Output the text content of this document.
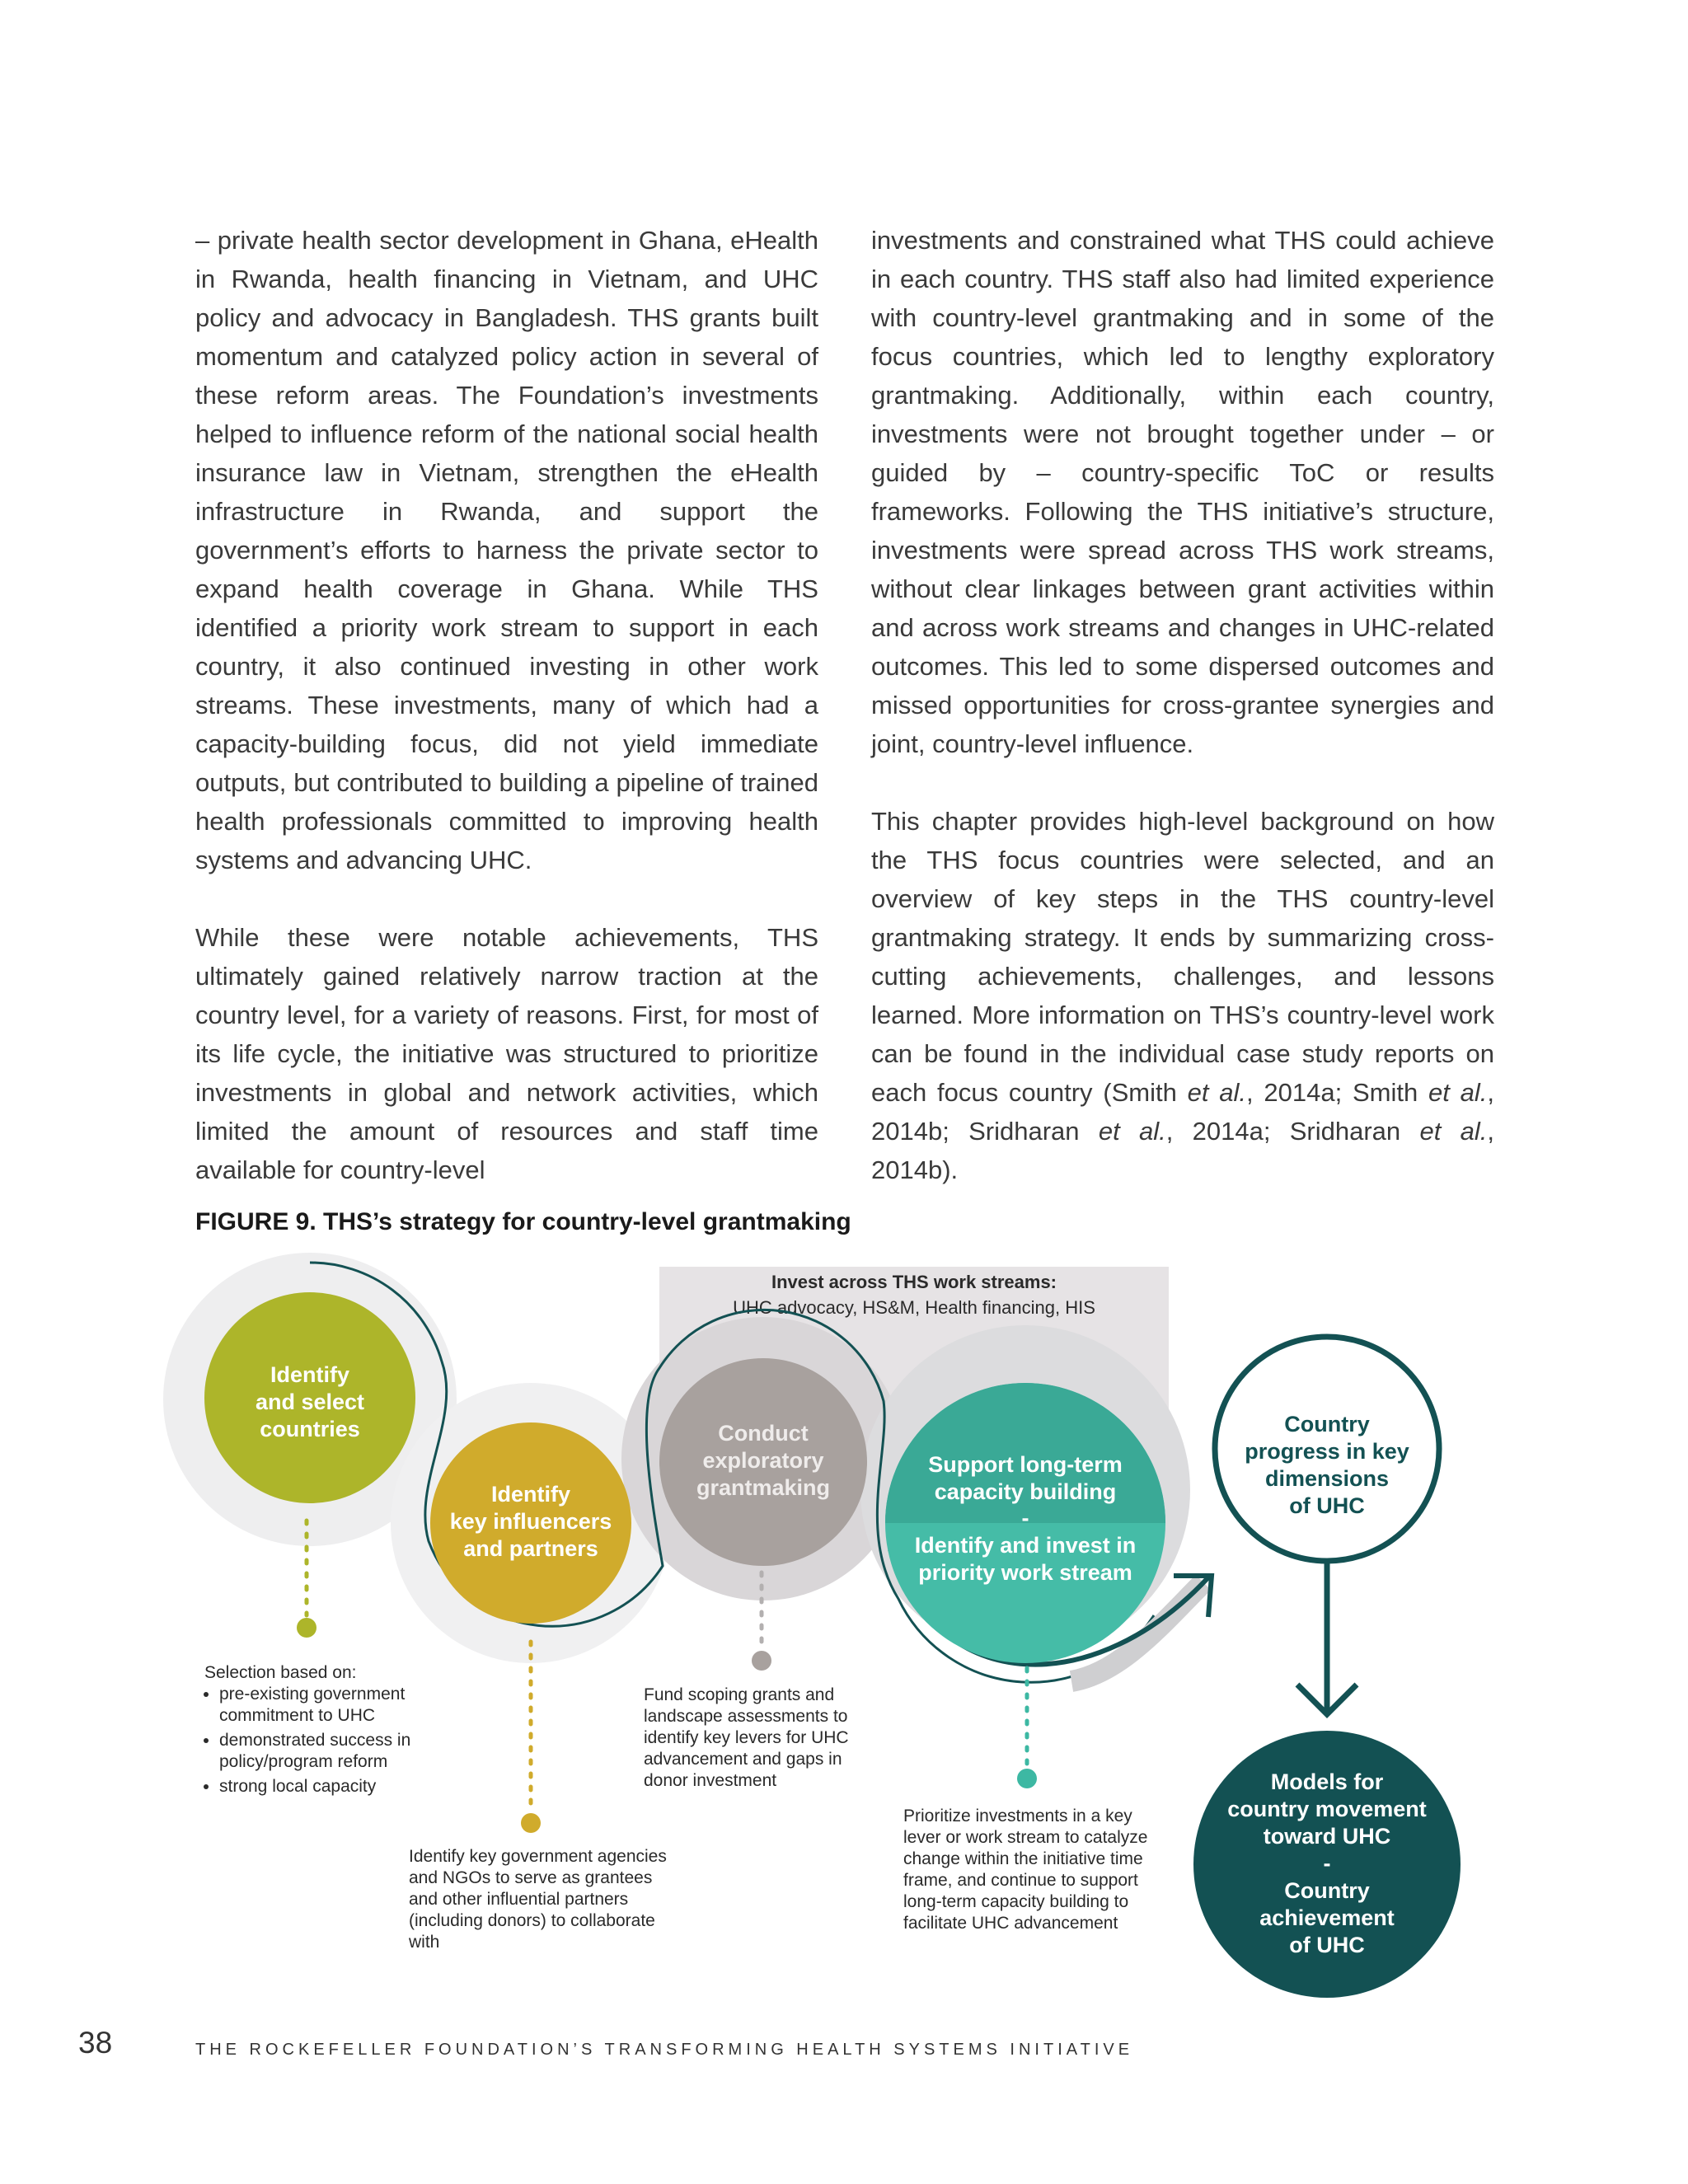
– private health sector development in Ghana, eHealth in Rwanda, health financing in Vietnam, and UHC policy and advocacy in Bangladesh. THS grants built momentum and catalyzed policy action in several of these reform areas. The Foundation’s investments helped to influence reform of the national social health insurance law in Vietnam, strengthen the eHealth infrastructure in Rwanda, and support the government’s efforts to harness the private sector to expand health coverage in Ghana. While THS identified a priority work stream to support in each country, it also continued investing in other work streams. These investments, many of which had a capacity-building focus, did not yield immediate outputs, but contributed to building a pipeline of trained health professionals committed to improving health systems and advancing UHC.

While these were notable achievements, THS ultimately gained relatively narrow traction at the country level, for a variety of reasons. First, for most of its life cycle, the initiative was structured to prioritize investments in global and network activities, which limited the amount of resources and staff time available for country-level

investments and constrained what THS could achieve in each country. THS staff also had limited experience with country-level grantmaking and in some of the focus countries, which led to lengthy exploratory grantmaking. Additionally, within each country, investments were not brought together under – or guided by – country-specific ToC or results frameworks. Following the THS initiative’s structure, investments were spread across THS work streams, without clear linkages between grant activities within and across work streams and changes in UHC-related outcomes. This led to some dispersed outcomes and missed opportunities for cross-grantee synergies and joint, country-level influence.

This chapter provides high-level background on how the THS focus countries were selected, and an overview of key steps in the THS country-level grantmaking strategy. It ends by summarizing cross-cutting achievements, challenges, and lessons learned. More information on THS’s country-level work can be found in the individual case study reports on each focus country (Smith et al., 2014a; Smith et al., 2014b; Sridharan et al., 2014a; Sridharan et al., 2014b).

FIGURE 9. THS’s strategy for country-level grantmaking
Invest across THS work streams:
UHC advocacy, HS&M, Health financing, HIS
Identify
and select
countries
Identify
key influencers
and partners
Conduct
exploratory
grantmaking
Support long-term
capacity building
-
Identify and invest in
priority work stream
Country
progress in key
dimensions
of UHC
Models for
country movement
toward UHC
-
Country
achievement
of UHC
Selection based on:
• pre-existing government commitment to UHC
• demonstrated success in policy/program reform
• strong local capacity
Identify key government agencies and NGOs to serve as grantees and other influential partners (including donors) to collaborate with
Fund scoping grants and landscape assessments to identify key levers for UHC advancement and gaps in donor investment
Prioritize investments in a key lever or work stream to catalyze change within the initiative time frame, and continue to support long-term capacity building to facilitate UHC advancement
38	THE ROCKEFELLER FOUNDATION’S TRANSFORMING HEALTH SYSTEMS INITIATIVE
